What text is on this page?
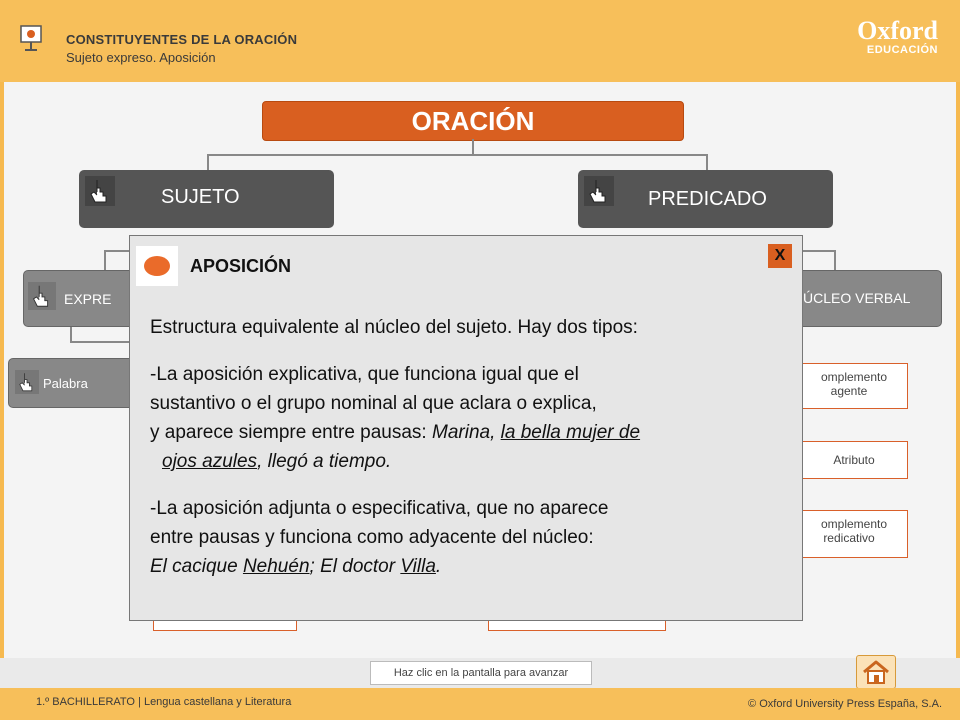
CONSTITUYENTES DE LA ORACIÓN
Sujeto expreso. Aposición
Oxford
EDUCACIÓN
ORACIÓN
SUJETO	PREDICADO
EXPRE	ÚCLEO VERBAL
Palabra	omplemento
agente
Atributo
omplemento
redicativo
APOSICIÓN
X

Estructura equivalente al núcleo del sujeto. Hay dos tipos:

-La aposición explicativa, que funciona igual que el

sustantivo o el grupo nominal al que aclara o explica,

y aparece siempre entre pausas: Marina, la bella mujer de

ojos azules, llegó a tiempo.

-La aposición adjunta o especificativa, que no aparece

entre pausas y funciona como adyacente del núcleo:

El cacique Nehuén; El doctor Villa.

Haz clic en la pantalla para avanzar
1.º BACHILLERATO | Lengua castellana y Literatura	© Oxford University Press España, S.A.
